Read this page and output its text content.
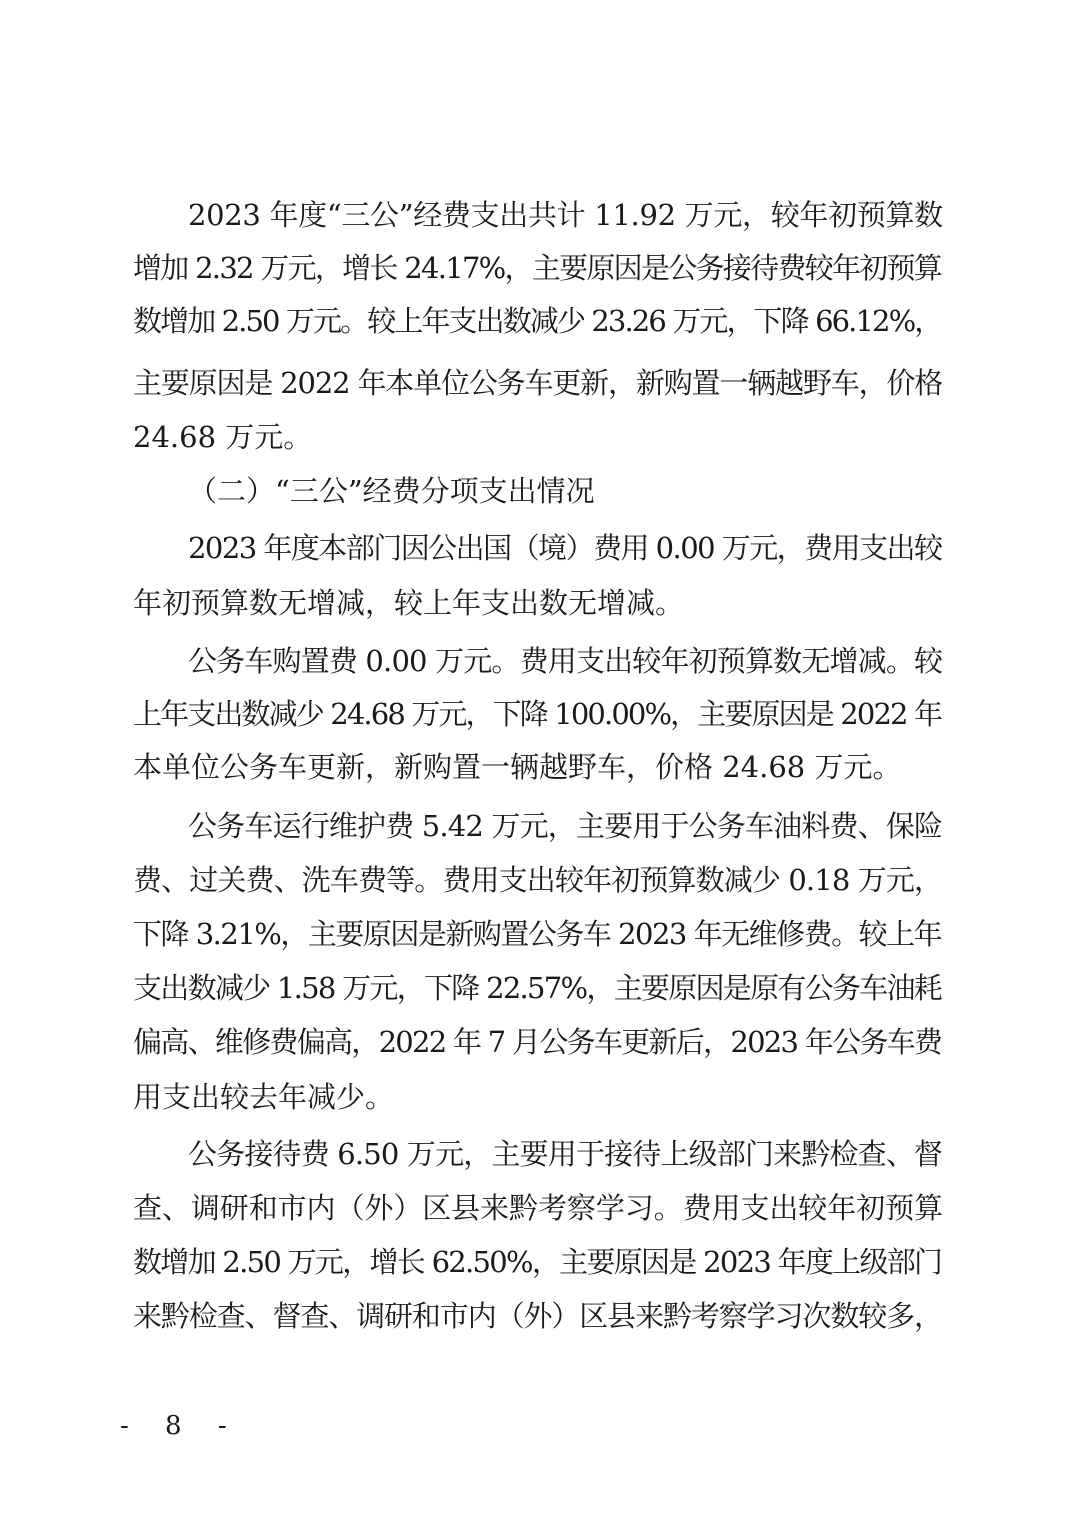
2023 年度“三公”经费支出共计 11.92 万元，较年初预算数
增加 2.32 万元，增长 24.17%，主要原因是公务接待费较年初预算
数增加 2.50 万元。较上年支出数减少 23.26 万元，下降 66.12%，
主要原因是 2022 年本单位公务车更新，新购置一辆越野车，价格
24.68 万元。
（二）“三公”经费分项支出情况
2023 年度本部门因公出国（境）费用 0.00 万元，费用支出较
年初预算数无增减，较上年支出数无增减。
公务车购置费 0.00 万元。费用支出较年初预算数无增减。较
上年支出数减少 24.68 万元，下降 100.00%，主要原因是 2022 年
本单位公务车更新，新购置一辆越野车，价格 24.68 万元。
公务车运行维护费 5.42 万元，主要用于公务车油料费、保险
费、过关费、洗车费等。费用支出较年初预算数减少 0.18 万元，
下降 3.21%，主要原因是新购置公务车 2023 年无维修费。较上年
支出数减少 1.58 万元，下降 22.57%，主要原因是原有公务车油耗
偏高、维修费偏高，2022 年 7 月公务车更新后，2023 年公务车费
用支出较去年减少。
公务接待费 6.50 万元，主要用于接待上级部门来黔检查、督
查、调研和市内（外）区县来黔考察学习。费用支出较年初预算
数增加 2.50 万元，增长 62.50%，主要原因是 2023 年度上级部门
来黔检查、督查、调研和市内（外）区县来黔考察学习次数较多，
- 8 -
